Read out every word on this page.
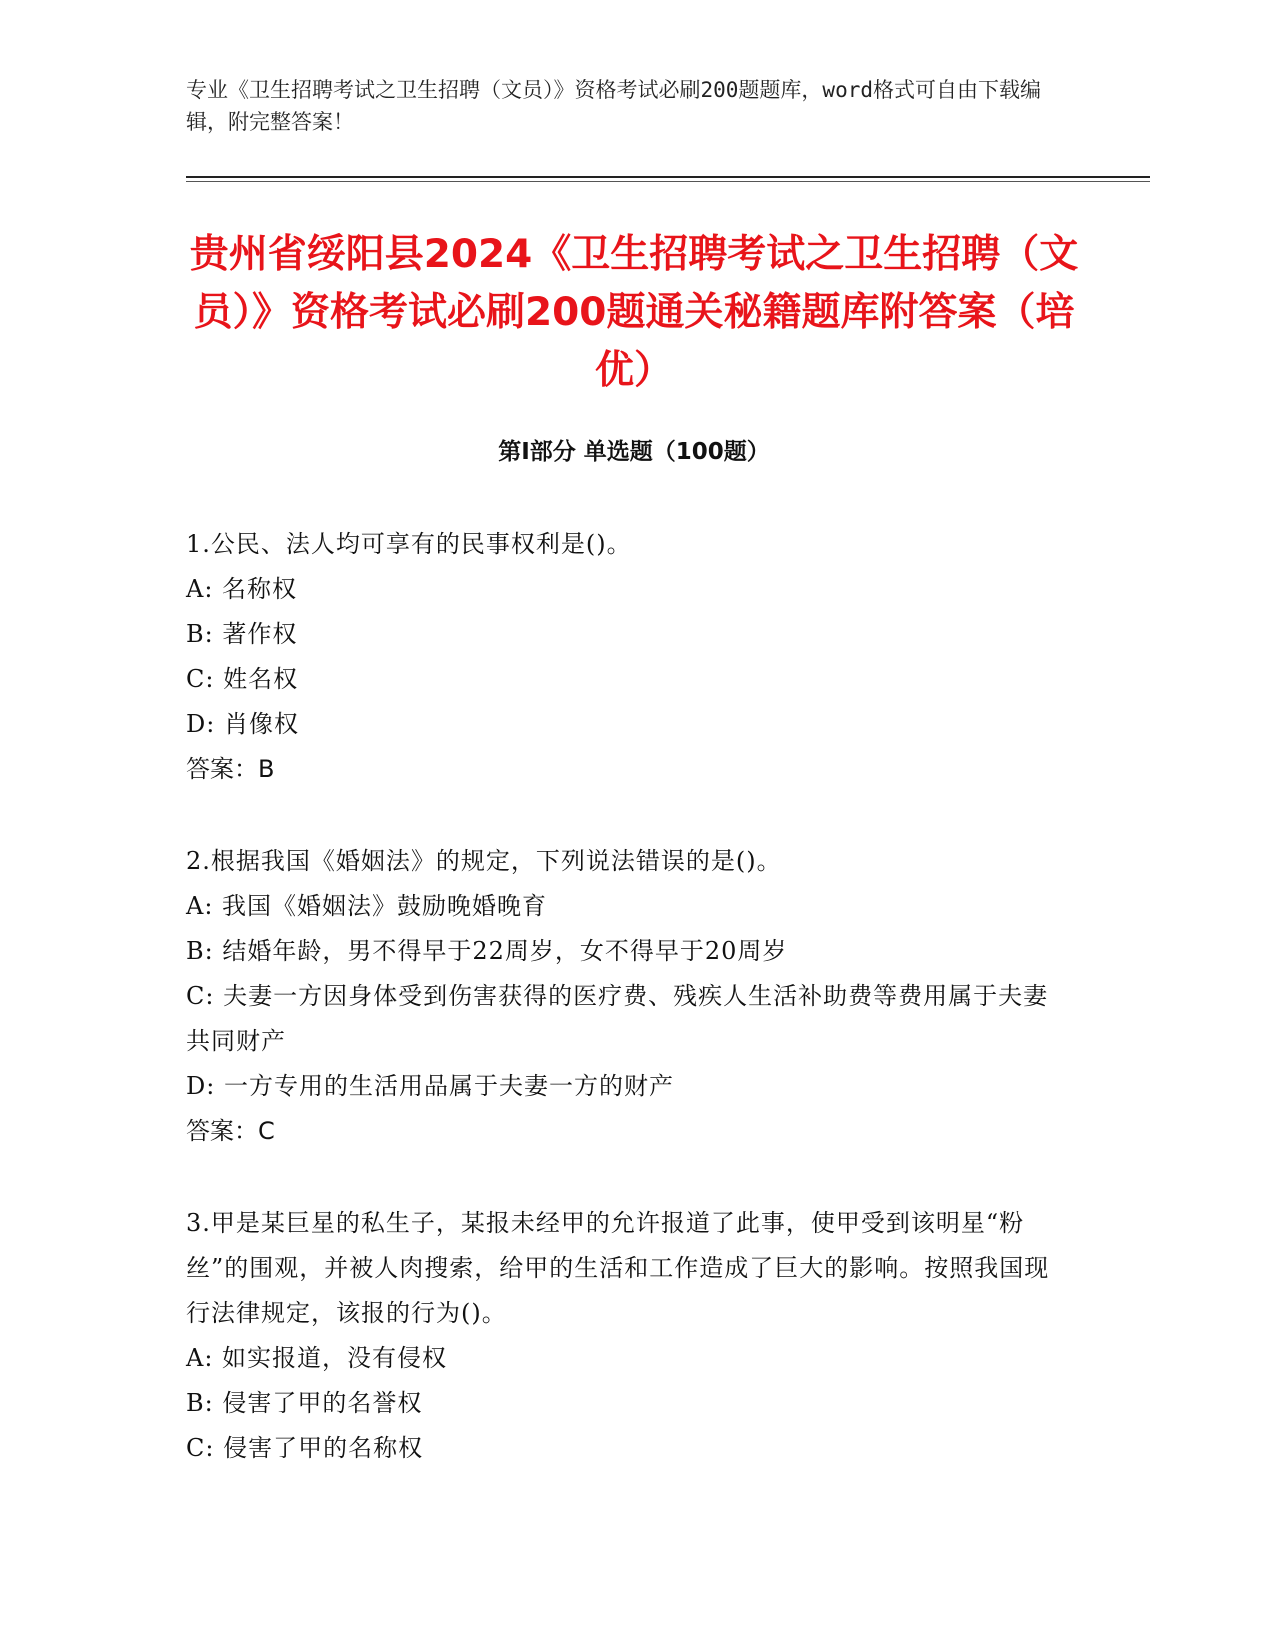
专业《卫生招聘考试之卫生招聘（文员）》资格考试必刷200题题库，word格式可自由下载编辑，附完整答案！
贵州省绥阳县2024《卫生招聘考试之卫生招聘（文员）》资格考试必刷200题通关秘籍题库附答案（培优）
第Ⅰ部分 单选题（100题）
1.公民、法人均可享有的民事权利是()。
A: 名称权
B: 著作权
C: 姓名权
D: 肖像权
答案：B
2.根据我国《婚姻法》的规定，下列说法错误的是()。
A: 我国《婚姻法》鼓励晚婚晚育
B: 结婚年龄，男不得早于22周岁，女不得早于20周岁
C: 夫妻一方因身体受到伤害获得的医疗费、残疾人生活补助费等费用属于夫妻共同财产
D: 一方专用的生活用品属于夫妻一方的财产
答案：C
3.甲是某巨星的私生子，某报未经甲的允许报道了此事，使甲受到该明星“粉丝”的围观，并被人肉搜索，给甲的生活和工作造成了巨大的影响。按照我国现行法律规定，该报的行为()。
A: 如实报道，没有侵权
B: 侵害了甲的名誉权
C: 侵害了甲的名称权
